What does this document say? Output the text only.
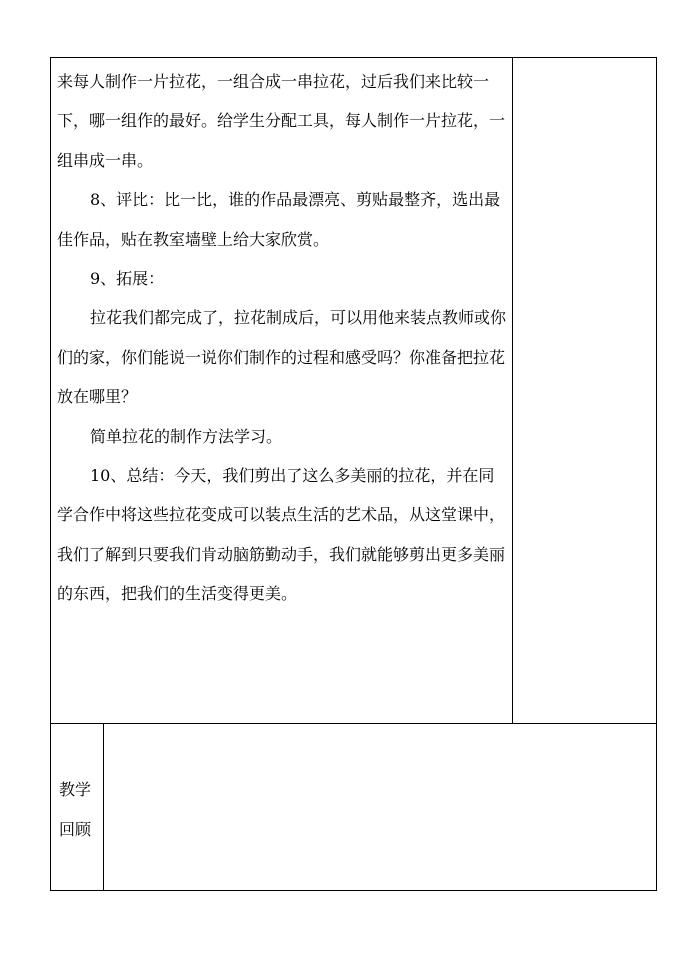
来每人制作一片拉花，一组合成一串拉花，过后我们来比较一下，哪一组作的最好。给学生分配工具，每人制作一片拉花，一组串成一串。

8、评比：比一比，谁的作品最漂亮、剪贴最整齐，选出最佳作品，贴在教室墙壁上给大家欣赏。

9、拓展：

拉花我们都完成了，拉花制成后，可以用他来装点教师或你们的家，你们能说一说你们制作的过程和感受吗？你准备把拉花放在哪里？

简单拉花的制作方法学习。

10、总结：今天，我们剪出了这么多美丽的拉花，并在同学合作中将这些拉花变成可以装点生活的艺术品，从这堂课中，我们了解到只要我们肯动脑筋勤动手，我们就能够剪出更多美丽的东西，把我们的生活变得更美。

教学
回顾
